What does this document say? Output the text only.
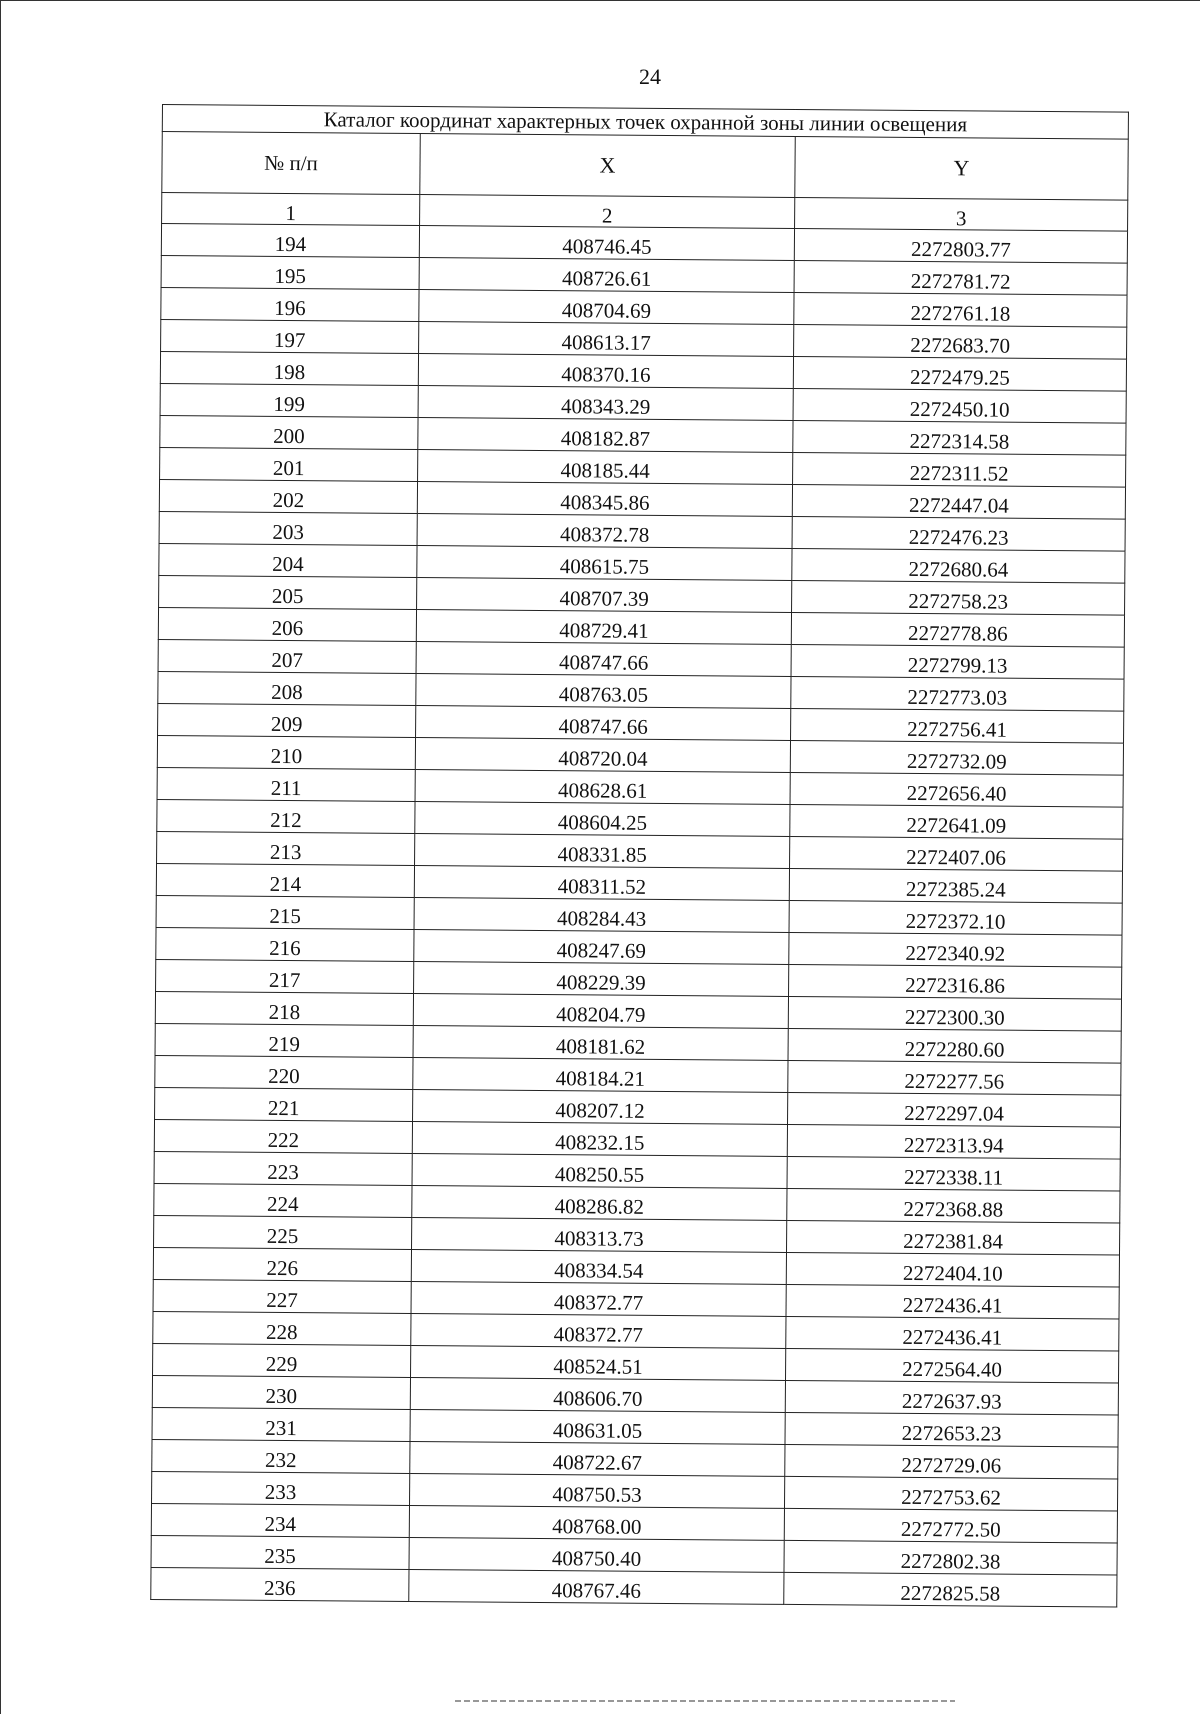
24
Каталог координат характерных точек охранной зоны линии освещения		
№ п/п	X	Y
1	2	3
194	408746.45	2272803.77
195	408726.61	2272781.72
196	408704.69	2272761.18
197	408613.17	2272683.70
198	408370.16	2272479.25
199	408343.29	2272450.10
200	408182.87	2272314.58
201	408185.44	2272311.52
202	408345.86	2272447.04
203	408372.78	2272476.23
204	408615.75	2272680.64
205	408707.39	2272758.23
206	408729.41	2272778.86
207	408747.66	2272799.13
208	408763.05	2272773.03
209	408747.66	2272756.41
210	408720.04	2272732.09
211	408628.61	2272656.40
212	408604.25	2272641.09
213	408331.85	2272407.06
214	408311.52	2272385.24
215	408284.43	2272372.10
216	408247.69	2272340.92
217	408229.39	2272316.86
218	408204.79	2272300.30
219	408181.62	2272280.60
220	408184.21	2272277.56
221	408207.12	2272297.04
222	408232.15	2272313.94
223	408250.55	2272338.11
224	408286.82	2272368.88
225	408313.73	2272381.84
226	408334.54	2272404.10
227	408372.77	2272436.41
228	408372.77	2272436.41
229	408524.51	2272564.40
230	408606.70	2272637.93
231	408631.05	2272653.23
232	408722.67	2272729.06
233	408750.53	2272753.62
234	408768.00	2272772.50
235	408750.40	2272802.38
236	408767.46	2272825.58
